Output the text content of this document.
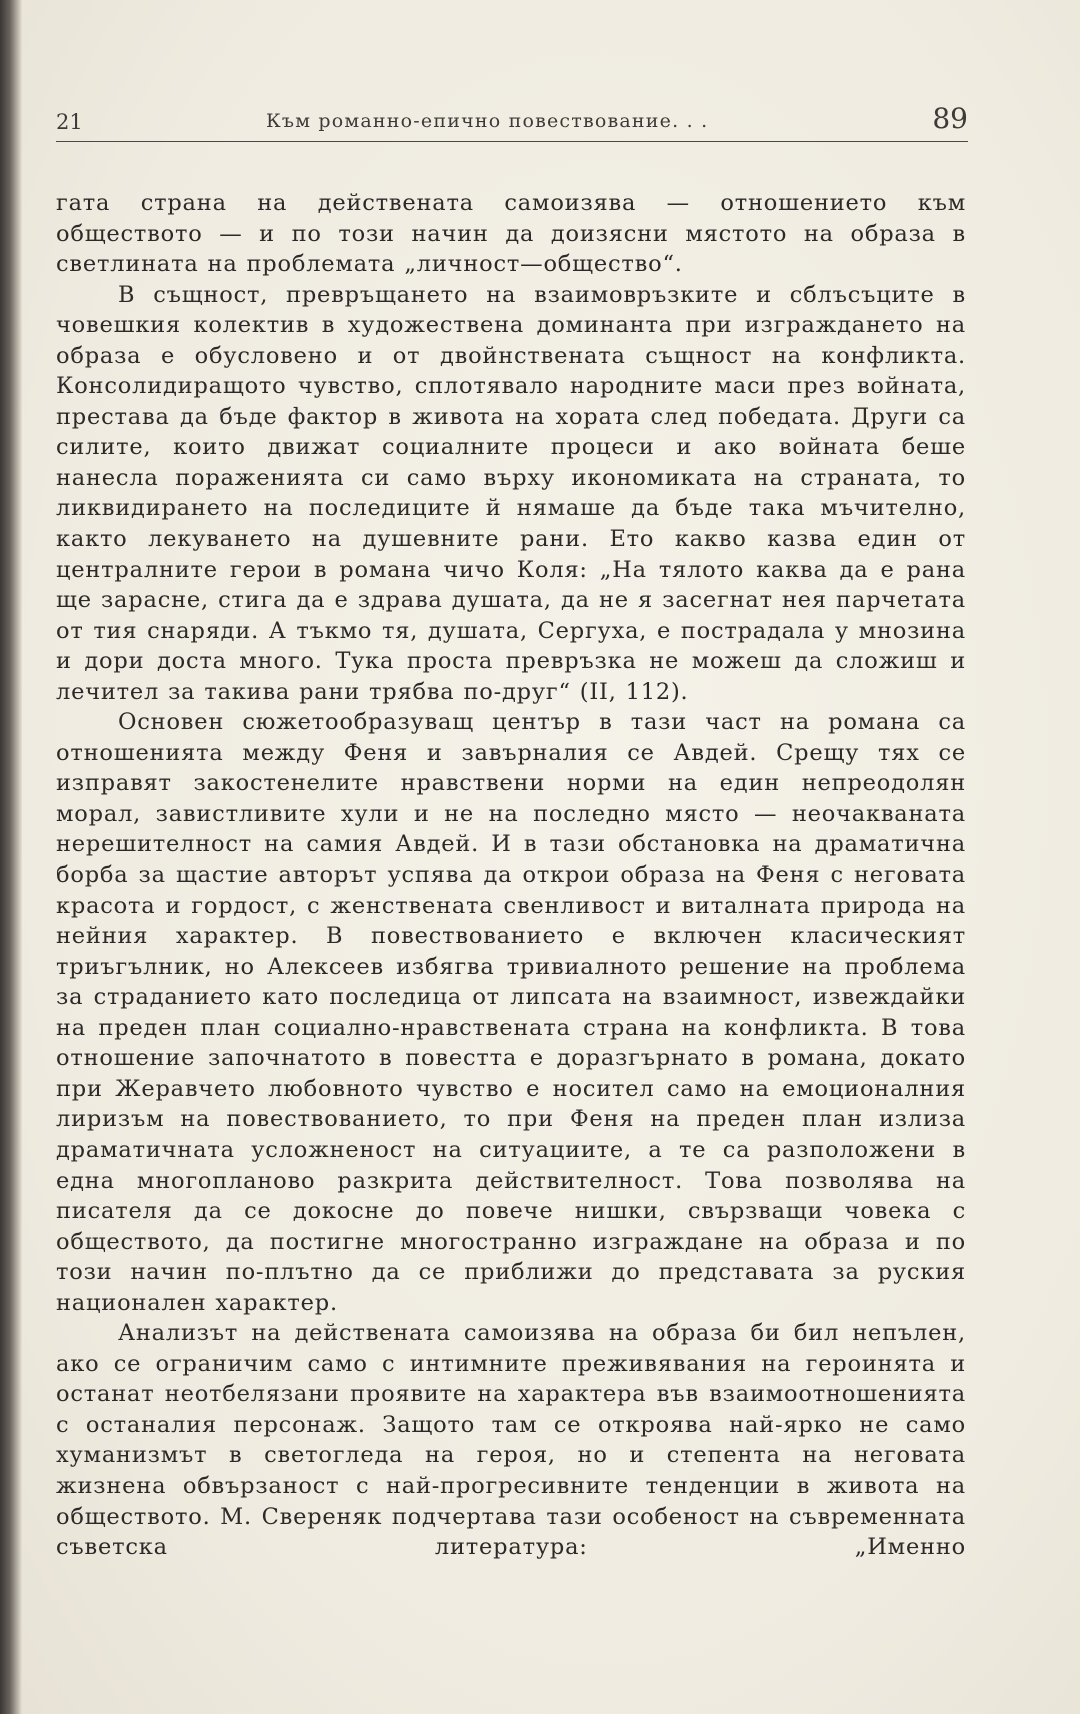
21	Към романно-епично повествование. . .	89

гата страна на действената самоизява — отношението към обществото — и по този начин да доизясни мястото на образа в светлината на проблемата „личност—общество“.

В същност, превръщането на взаимовръзките и сблъсъците в човешкия колектив в художествена доминанта при изграждането на образа е обусловено и от двойнствената същност на конфликта. Консолидиращото чувство, сплотявало народните маси през войната, престава да бъде фактор в живота на хората след победата. Други са силите, които движат социалните процеси и ако войната беше нанесла пораженията си само върху икономиката на страната, то ликвидирането на последиците й нямаше да бъде така мъчително, както лекуването на душевните рани. Ето какво казва един от централните герои в романа чичо Коля: „На тялото каква да е рана ще зарасне, стига да е здрава душата, да не я засегнат нея парчетата от тия снаряди. А тъкмо тя, душата, Сергуха, е пострадала у мнозина и дори доста много. Тука проста превръзка не можеш да сложиш и лечител за такива рани трябва по-друг“ (II, 112).

Основен сюжетообразуващ център в тази част на романа са отношенията между Феня и завърналия се Авдей. Срещу тях се изправят закостенелите нравствени норми на един непреодолян морал, завистливите хули и не на последно място — неочакваната нерешителност на самия Авдей. И в тази обстановка на драматична борба за щастие авторът успява да открои образа на Феня с неговата красота и гордост, с женствената свенливост и виталната природа на нейния характер. В повествованието е включен класическият триъгълник, но Алексеев избягва тривиалното решение на проблема за страданието като последица от липсата на взаимност, извеждайки на преден план социално-нравствената страна на конфликта. В това отношение започнатото в повестта е доразгърнато в романа, докато при Жеравчето любовното чувство е носител само на емоционалния лиризъм на повествованието, то при Феня на преден план излиза драматичната усложненост на ситуациите, а те са разположени в една многопланово разкрита действителност. Това позволява на писателя да се докосне до повече нишки, свързващи човека с обществото, да постигне многостранно изграждане на образа и по този начин по-плътно да се приближи до представата за руския национален характер.

Анализът на действената самоизява на образа би бил непълен, ако се ограничим само с интимните преживявания на героинята и останат неотбелязани проявите на характера във взаимоотношенията с останалия персонаж. Защото там се откроява най-ярко не само хуманизмът в светогледа на героя, но и степента на неговата жизнена обвързаност с най-прогресивните тенденции в живота на обществото. М. Свереняк подчертава тази особеност на съвременната съветска литература: „Именно
